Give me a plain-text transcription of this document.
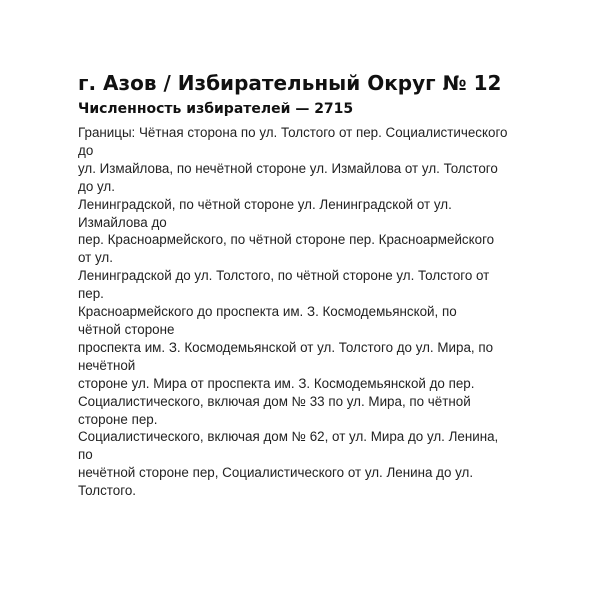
г. Азов / Избирательный Округ № 12
Численность избирателей — 2715
Границы: Чётная сторона по ул. Толстого от пер. Социалистического
до
ул. Измайлова, по нечётной стороне ул. Измайлова от ул. Толстого
до ул.
Ленинградской, по чётной стороне ул. Ленинградской от ул.
Измайлова до
пер. Красноармейского, по чётной стороне пер. Красноармейского
от ул.
Ленинградской до ул. Толстого, по чётной стороне ул. Толстого от
пер.
Красноармейского до проспекта им. З. Космодемьянской, по
чётной стороне
проспекта им. З. Космодемьянской от ул. Толстого до ул. Мира, по
нечётной
стороне ул. Мира от проспекта им. З. Космодемьянской до пер.
Социалистического, включая дом № 33 по ул. Мира, по чётной
стороне пер.
Социалистического, включая дом № 62, от ул. Мира до ул. Ленина,
по
нечётной стороне пер, Социалистического от ул. Ленина до ул.
Толстого.
